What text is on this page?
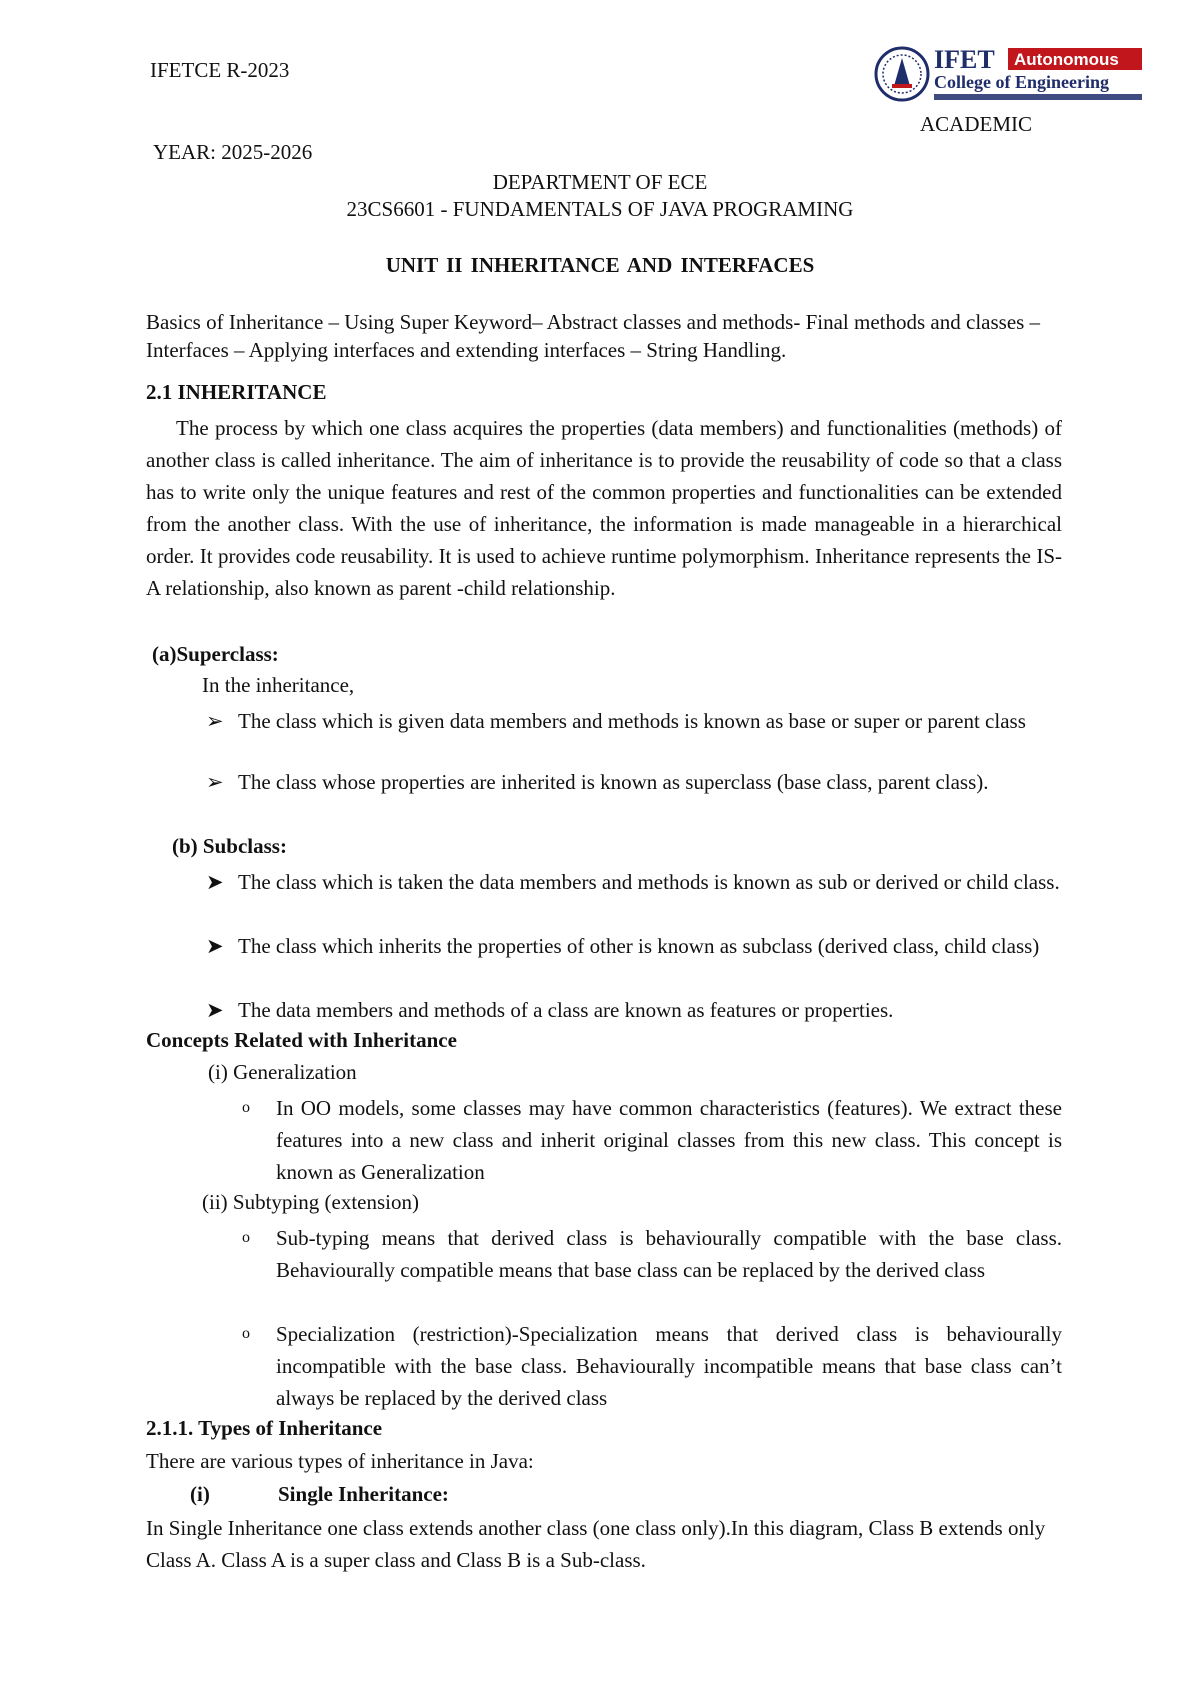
IFETCE R-2023	IFET Autonomous
College of Engineering
ACADEMIC
YEAR: 2025-2026
DEPARTMENT OF ECE
23CS6601 - FUNDAMENTALS OF JAVA PROGRAMING
UNIT II INHERITANCE AND INTERFACES
Basics of Inheritance – Using Super Keyword– Abstract classes and methods- Final methods and classes – Interfaces – Applying interfaces and extending interfaces – String Handling.
2.1 INHERITANCE
The process by which one class acquires the properties (data members) and functionalities (methods) of another class is called inheritance. The aim of inheritance is to provide the reusability of code so that a class has to write only the unique features and rest of the common properties and functionalities can be extended from the another class. With the use of inheritance, the information is made manageable in a hierarchical order. It provides code reusability. It is used to achieve runtime polymorphism. Inheritance represents the IS-A relationship, also known as parent -child relationship.
(a)Superclass:
In the inheritance,
➢ The class which is given data members and methods is known as base or super or parent class
➢ The class whose properties are inherited is known as superclass (base class, parent class).
(b) Subclass:
➤ The class which is taken the data members and methods is known as sub or derived or child class.
➤ The class which inherits the properties of other is known as subclass (derived class, child class)
➤ The data members and methods of a class are known as features or properties.
Concepts Related with Inheritance
(i) Generalization
o In OO models, some classes may have common characteristics (features). We extract these features into a new class and inherit original classes from this new class. This concept is known as Generalization
(ii) Subtyping (extension)
o Sub-typing means that derived class is behaviourally compatible with the base class. Behaviourally compatible means that base class can be replaced by the derived class
o Specialization (restriction)-Specialization means that derived class is behaviourally incompatible with the base class. Behaviourally incompatible means that base class can’t always be replaced by the derived class
2.1.1. Types of Inheritance
There are various types of inheritance in Java:
(i)	Single Inheritance:
In Single Inheritance one class extends another class (one class only).In this diagram, Class B extends only Class A. Class A is a super class and Class B is a Sub-class.
